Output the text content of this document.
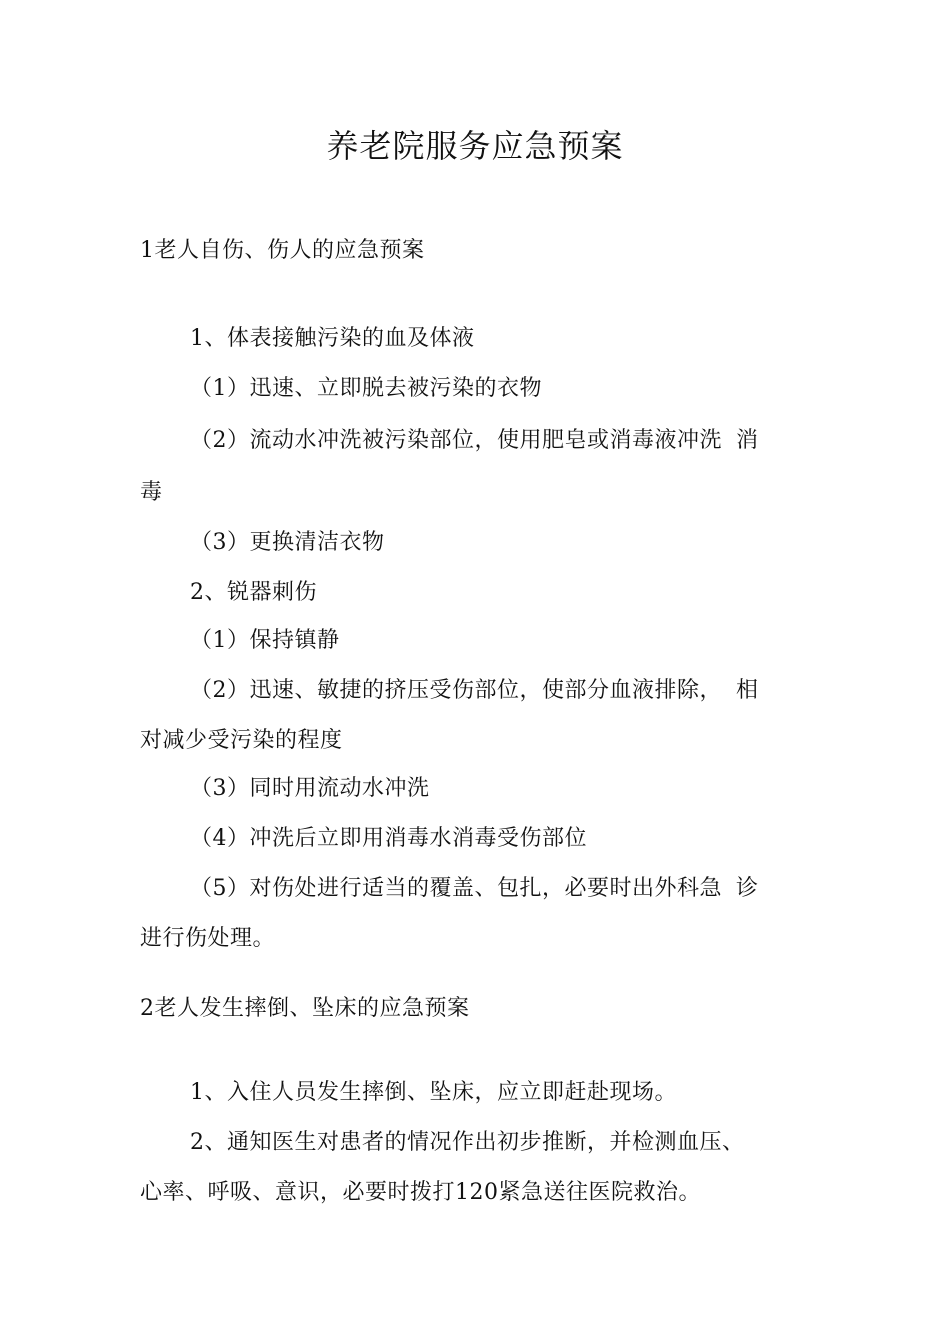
养老院服务应急预案
1老人自伤、伤人的应急预案
1、体表接触污染的血及体液
（1）迅速、立即脱去被污染的衣物
（2）流动水冲洗被污染部位，使用肥皂或消毒液冲洗 消
毒
（3）更换清洁衣物
2、锐器刺伤
（1）保持镇静
（2）迅速、敏捷的挤压受伤部位，使部分血液排除， 相
对减少受污染的程度
（3）同时用流动水冲洗
（4）冲洗后立即用消毒水消毒受伤部位
（5）对伤处进行适当的覆盖、包扎，必要时出外科急 诊
进行伤处理。
2老人发生摔倒、坠床的应急预案
1、入住人员发生摔倒、坠床，应立即赶赴现场。
2、通知医生对患者的情况作出初步推断，并检测血压、
心率、呼吸、意识，必要时拨打120紧急送往医院救治。
